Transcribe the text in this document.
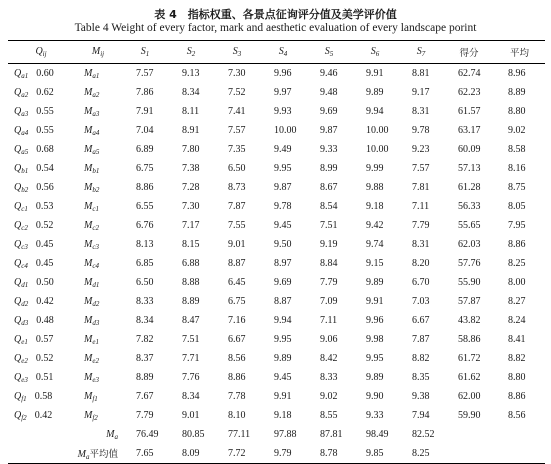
表 4　指标权重、各景点征询评分值及美学评价值
Table 4 Weight of every factor, mark and aesthetic evaluation of every landscape porint
$Q_{ij}$	$M_{ij}$	$S_1$	$S_2$	$S_3$	$S_4$	$S_5$	$S_6$	$S_7$	得分	平均
$Q_{a1}$ 0.60	$M_{a1}$	7.57	9.13	7.30	9.96	9.46	9.91	8.81	62.74	8.96
$Q_{a2}$ 0.62	$M_{a2}$	7.86	8.34	7.52	9.97	9.48	9.89	9.17	62.23	8.89
$Q_{a3}$ 0.55	$M_{a3}$	7.91	8.11	7.41	9.93	9.69	9.94	8.31	61.57	8.80
$Q_{a4}$ 0.55	$M_{a4}$	7.04	8.91	7.57	10.00	9.87	10.00	9.78	63.17	9.02
$Q_{a5}$ 0.68	$M_{a5}$	6.89	7.80	7.35	9.49	9.33	10.00	9.23	60.09	8.58
$Q_{b1}$ 0.54	$M_{b1}$	6.75	7.38	6.50	9.95	8.99	9.99	7.57	57.13	8.16
$Q_{b2}$ 0.56	$M_{b2}$	8.86	7.28	8.73	9.87	8.67	9.88	7.81	61.28	8.75
$Q_{c1}$ 0.53	$M_{c1}$	6.55	7.30	7.87	9.78	8.54	9.18	7.11	56.33	8.05
$Q_{c2}$ 0.52	$M_{c2}$	6.76	7.17	7.55	9.45	7.51	9.42	7.79	55.65	7.95
$Q_{c3}$ 0.45	$M_{c3}$	8.13	8.15	9.01	9.50	9.19	9.74	8.31	62.03	8.86
$Q_{c4}$ 0.45	$M_{c4}$	6.85	6.88	8.87	8.97	8.84	9.15	8.20	57.76	8.25
$Q_{d1}$ 0.50	$M_{d1}$	6.50	8.88	6.45	9.69	7.79	9.89	6.70	55.90	8.00
$Q_{d2}$ 0.42	$M_{d2}$	8.33	8.89	6.75	8.87	7.09	9.91	7.03	57.87	8.27
$Q_{d3}$ 0.48	$M_{d3}$	8.34	8.47	7.16	9.94	7.11	9.96	6.67	43.82	8.24
$Q_{e1}$ 0.57	$M_{e1}$	7.82	7.51	6.67	9.95	9.06	9.98	7.87	58.86	8.41
$Q_{e2}$ 0.52	$M_{e2}$	8.37	7.71	8.56	9.89	8.42	9.95	8.82	61.72	8.82
$Q_{e3}$ 0.51	$M_{e3}$	8.89	7.76	8.86	9.45	8.33	9.89	8.35	61.62	8.80
$Q_{f1}$ 0.58	$M_{f1}$	7.67	8.34	7.78	9.91	9.02	9.90	9.38	62.00	8.86
$Q_{f2}$ 0.42	$M_{f2}$	7.79	9.01	8.10	9.18	8.55	9.33	7.94	59.90	8.56
$M_a$		76.49	80.85	77.11	97.88	87.81	98.49	82.52		
$M_a$平均值		7.65	8.09	7.72	9.79	8.78	9.85	8.25		
